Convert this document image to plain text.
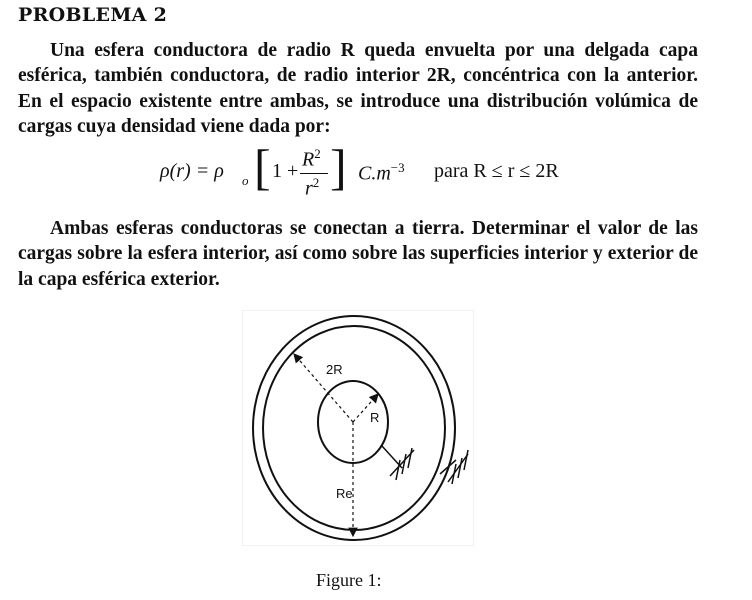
PROBLEMA 2
Una esfera conductora de radio R queda envuelta por una delgada capa esférica, también conductora, de radio interior 2R, concéntrica con la anterior. En el espacio existente entre ambas, se introduce una distribución volúmica de cargas cuya densidad viene dada por:
ρ(r) = ρ o [ 1 +
$R^2$
$r^2$ ] $C.m^{-3}$ para R ≤ r ≤ 2R
Ambas esferas conductoras se conectan a tierra. Determinar el valor de las cargas sobre la esfera interior, así como sobre las superficies interior y exterior de la capa esférica exterior.
2R
R
Re
Figure 1:
